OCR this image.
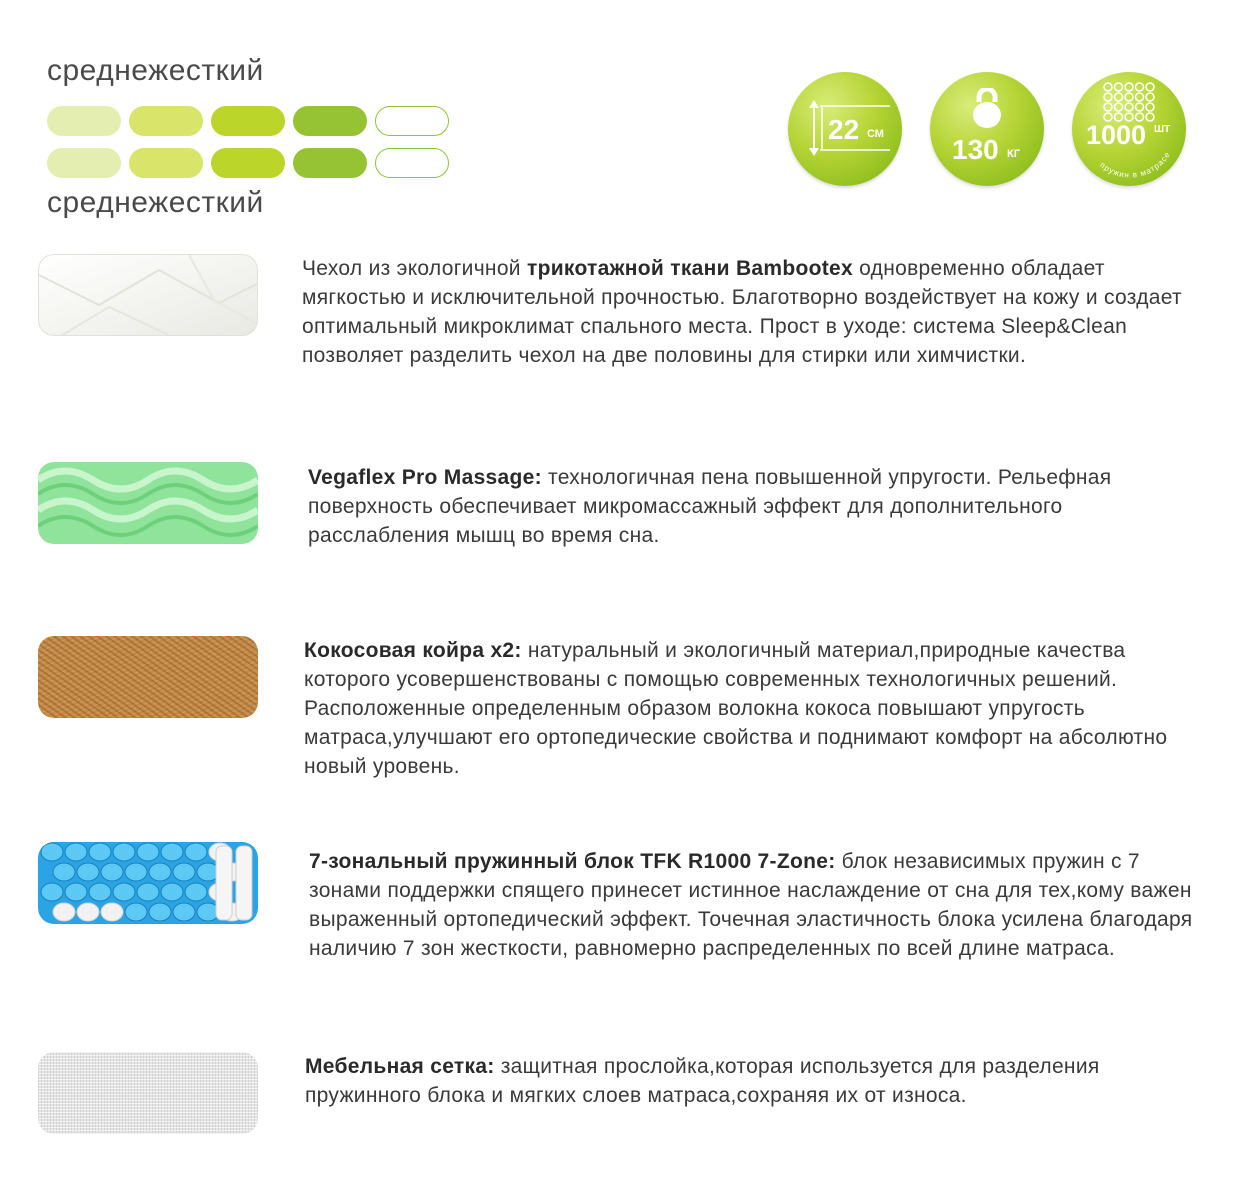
среднежесткий
среднежесткий
22 СМ 130 КГ
1000 ШТ
пружин в матрасе
Чехол из экологичной трикотажной ткани Bambootex одновременно обладает мягкостью и исключительной прочностью. Благотворно воздействует на кожу и создает оптимальный микроклимат спального места. Прост в уходе: система Sleep&Clean позволяет разделить чехол на две половины для стирки или химчистки.
Vegaflex Pro Massage: технологичная пена повышенной упругости. Рельефная поверхность обеспечивает микромассажный эффект для дополнительного расслабления мышц во время сна.
Кокосовая койра х2: натуральный и экологичный материал,природные качества которого усовершенствованы с помощью современных технологичных решений. Расположенные определенным образом волокна кокоса повышают упругость матраса,улучшают его ортопедические свойства и поднимают комфорт на абсолютно новый уровень.
7-зональный пружинный блок TFK R1000 7-Zone: блок независимых пружин с 7 зонами поддержки спящего принесет истинное наслаждение от сна для тех,кому важен выраженный ортопедический эффект. Точечная эластичность блока усилена благодаря наличию 7 зон жесткости, равномерно распределенных по всей длине матраса.
Мебельная сетка: защитная прослойка,которая используется для разделения пружинного блока и мягких слоев матраса,сохраняя их от износа.
